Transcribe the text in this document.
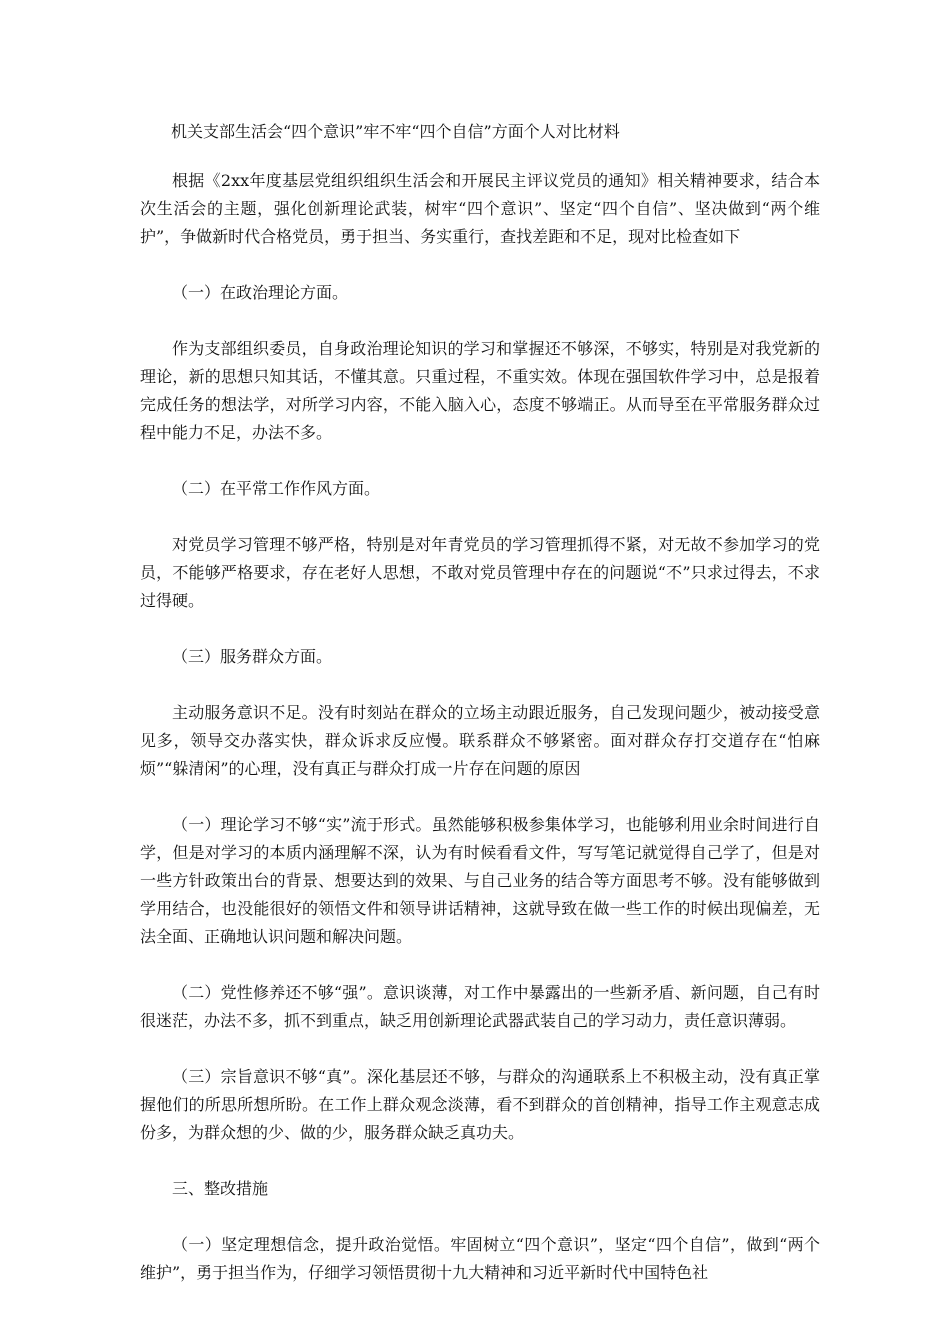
机关支部生活会“四个意识”牢不牢“四个自信”方面个人对比材料

根据《2xx年度基层党组织组织生活会和开展民主评议党员的通知》相关精神要求，结合本次生活会的主题，强化创新理论武装，树牢“四个意识”、坚定“四个自信”、坚决做到“两个维护”，争做新时代合格党员，勇于担当、务实重行，查找差距和不足，现对比检查如下

（一）在政治理论方面。

作为支部组织委员，自身政治理论知识的学习和掌握还不够深，不够实，特别是对我党新的理论，新的思想只知其话，不懂其意。只重过程，不重实效。体现在强国软件学习中，总是报着完成任务的想法学，对所学习内容，不能入脑入心，态度不够端正。从而导至在平常服务群众过程中能力不足，办法不多。

（二）在平常工作作风方面。

对党员学习管理不够严格，特别是对年青党员的学习管理抓得不紧，对无故不参加学习的党员，不能够严格要求，存在老好人思想，不敢对党员管理中存在的问题说“不”只求过得去，不求过得硬。

（三）服务群众方面。

主动服务意识不足。没有时刻站在群众的立场主动跟近服务，自己发现问题少，被动接受意见多，领导交办落实快，群众诉求反应慢。联系群众不够紧密。面对群众存打交道存在“怕麻烦”“躲清闲”的心理，没有真正与群众打成一片存在问题的原因

（一）理论学习不够“实”流于形式。虽然能够积极参集体学习，也能够利用业余时间进行自学，但是对学习的本质内涵理解不深，认为有时候看看文件，写写笔记就觉得自己学了，但是对一些方针政策出台的背景、想要达到的效果、与自己业务的结合等方面思考不够。没有能够做到学用结合，也没能很好的领悟文件和领导讲话精神，这就导致在做一些工作的时候出现偏差，无法全面、正确地认识问题和解决问题。

（二）党性修养还不够“强”。意识谈薄，对工作中暴露出的一些新矛盾、新问题，自己有时很迷茫，办法不多，抓不到重点，缺乏用创新理论武器武装自己的学习动力，责任意识薄弱。

（三）宗旨意识不够“真”。深化基层还不够，与群众的沟通联系上不积极主动，没有真正掌握他们的所思所想所盼。在工作上群众观念淡薄，看不到群众的首创精神，指导工作主观意志成份多，为群众想的少、做的少，服务群众缺乏真功夫。

三、整改措施

（一）坚定理想信念，提升政治觉悟。牢固树立“四个意识”，坚定“四个自信”，做到“两个维护”，勇于担当作为，仔细学习领悟贯彻十九大精神和习近平新时代中国特色社
